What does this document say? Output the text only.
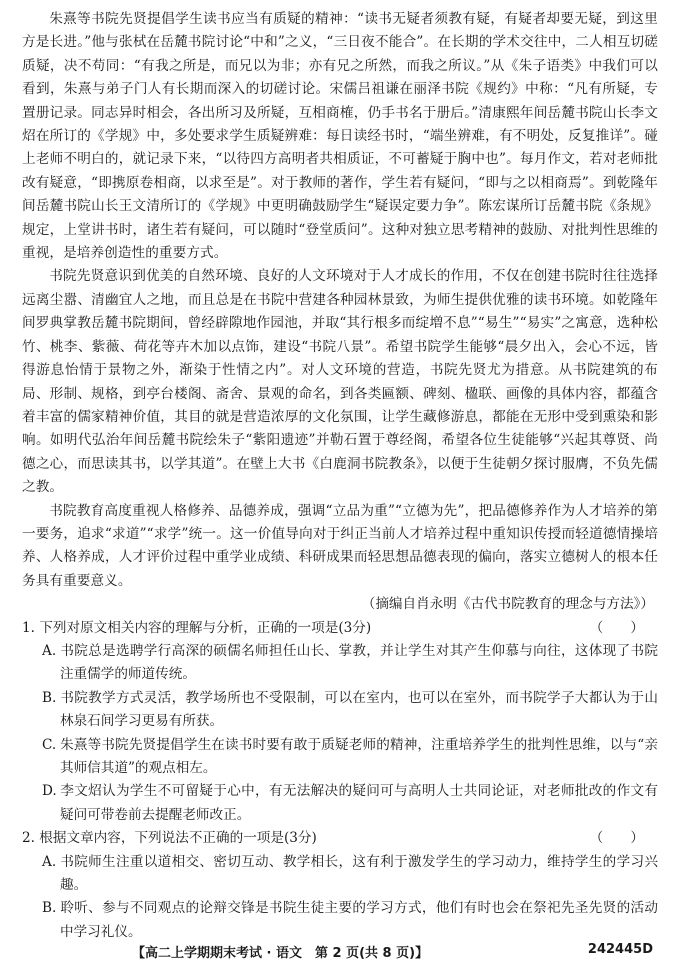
朱熹等书院先贤提倡学生读书应当有质疑的精神：“读书无疑者须教有疑，有疑者却要无疑，到这里方是长进。”他与张栻在岳麓书院讨论“中和”之义，“三日夜不能合”。在长期的学术交往中，二人相互切磋质疑，决不苟同：“有我之所是，而兄以为非；亦有兄之所然，而我之所议。”从《朱子语类》中我们可以看到，朱熹与弟子门人有长期而深入的切磋讨论。宋儒吕祖谦在丽泽书院《规约》中称：“凡有所疑，专置册记录。同志异时相会，各出所习及所疑，互相商榷，仍手书名于册后。”清康熙年间岳麓书院山长李文炤在所订的《学规》中，多处要求学生质疑辨难：每日读经书时，“端坐辨难，有不明处，反复推详”。碰上老师不明白的，就记录下来，“以待四方高明者共相质证，不可蓄疑于胸中也”。每月作文，若对老师批改有疑意，“即携原卷相商，以求至是”。对于教师的著作，学生若有疑问，“即与之以相商焉”。到乾隆年间岳麓书院山长王文清所订的《学规》中更明确鼓励学生“疑误定要力争”。陈宏谋所订岳麓书院《条规》规定，上堂讲书时，诸生若有疑问，可以随时“登堂质问”。这种对独立思考精神的鼓励、对批判性思维的重视，是培养创造性的重要方式。

书院先贤意识到优美的自然环境、良好的人文环境对于人才成长的作用，不仅在创建书院时往往选择远离尘嚣、清幽宜人之地，而且总是在书院中营建各种园林景致，为师生提供优雅的读书环境。如乾隆年间罗典掌教岳麓书院期间，曾经辟隙地作园池，并取“其行根多而绽増不息”“易生”“易实”之寓意，选种松竹、桃李、紫薇、荷花等卉木加以点饰，建设“书院八景”。希望书院学生能够“晨夕出入，会心不远，皆得游息怡情于景物之外，渐染于性情之内”。对人文环境的营造，书院先贤尤为措意。从书院建筑的布局、形制、规格，到亭台楼阁、斋舍、景观的命名，到各类匾额、碑刻、楹联、画像的具体内容，都蕴含着丰富的儒家精神价值，其目的就是营造浓厚的文化氛围，让学生藏修游息，都能在无形中受到熏染和影响。如明代弘治年间岳麓书院绘朱子“紫阳遗迹”并勒石置于尊经阁，希望各位生徒能够“兴起其尊贤、尚德之心，而思读其书，以学其道”。在壁上大书《白鹿洞书院教条》，以便于生徒朝夕探讨服膺，不负先儒之教。

书院教育高度重视人格修养、品德养成，强调“立品为重”“立德为先”，把品德修养作为人才培养的第一要务，追求“求道”“求学”统一。这一价值导向对于纠正当前人才培养过程中重知识传授而轻道德情操培养、人格养成，人才评价过程中重学业成绩、科研成果而轻思想品德表现的偏向，落实立德树人的根本任务具有重要意义。

（摘编自肖永明《古代书院教育的理念与方法》）

1. 下列对原文相关内容的理解与分析，正确的一项是(3分)	（　　）

A. 书院总是选聘学行高深的硕儒名师担任山长、掌教，并让学生对其产生仰慕与向往，这体现了书院注重儒学的师道传统。

B. 书院教学方式灵活，教学场所也不受限制，可以在室内，也可以在室外，而书院学子大都认为于山林泉石间学习更易有所获。

C. 朱熹等书院先贤提倡学生在读书时要有敢于质疑老师的精神，注重培养学生的批判性思维，以与“亲其师信其道”的观点相左。

D. 李文炤认为学生不可留疑于心中，有无法解决的疑问可与高明人士共同论证，对老师批改的作文有疑问可带卷前去提醒老师改正。

2. 根据文章内容，下列说法不正确的一项是(3分)	（　　）

A. 书院师生注重以道相交、密切互动、教学相长，这有利于激发学生的学习动力，维持学生的学习兴趣。

B. 聆听、参与不同观点的论辩交锋是书院生徒主要的学习方式，他们有时也会在祭祀先圣先贤的活动中学习礼仪。

【高二上学期期末考试 · 语文　第 2 页(共 8 页)】	242445D
